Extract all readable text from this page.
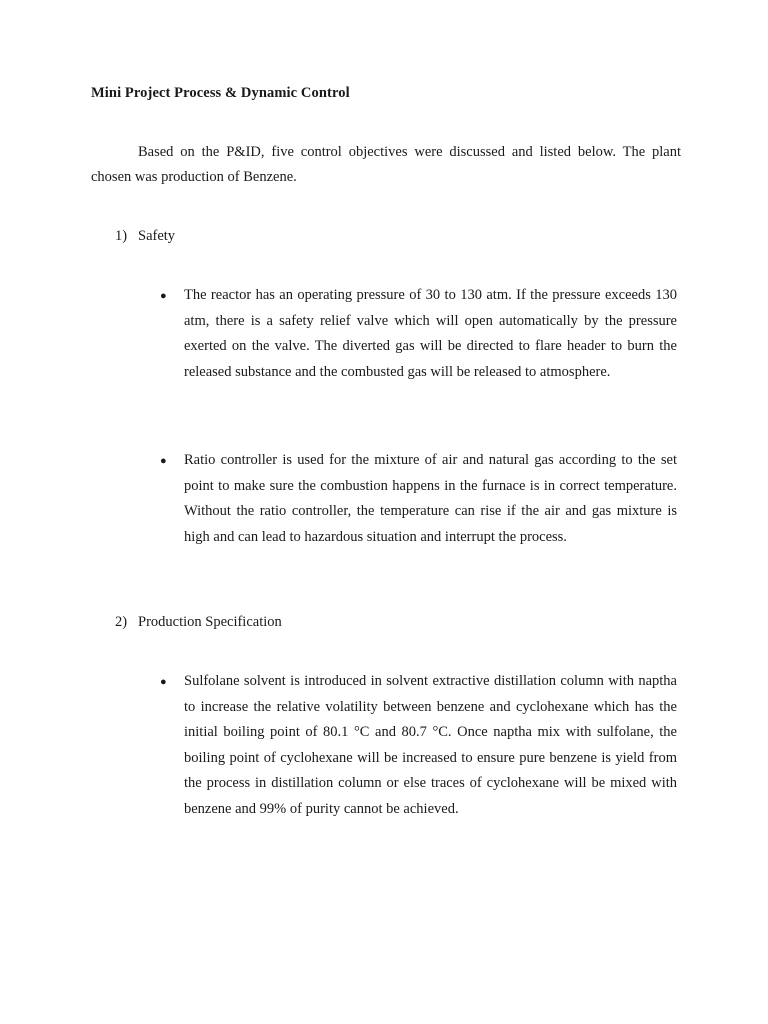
Mini Project Process & Dynamic Control

Based on the P&ID, five control objectives were discussed and listed below. The plant chosen was production of Benzene.

1) Safety
●	The reactor has an operating pressure of 30 to 130 atm. If the pressure exceeds 130 atm, there is a safety relief valve which will open automatically by the pressure exerted on the valve. The diverted gas will be directed to flare header to burn the released substance and the combusted gas will be released to atmosphere.

●	Ratio controller is used for the mixture of air and natural gas according to the set point to make sure the combustion happens in the furnace is in correct temperature. Without the ratio controller, the temperature can rise if the air and gas mixture is high and can lead to hazardous situation and interrupt the process.

2) Production Specification
●	Sulfolane solvent is introduced in solvent extractive distillation column with naptha to increase the relative volatility between benzene and cyclohexane which has the initial boiling point of 80.1 °C and 80.7 °C. Once naptha mix with sulfolane, the boiling point of cyclohexane will be increased to ensure pure benzene is yield from the process in distillation column or else traces of cyclohexane will be mixed with benzene and 99% of purity cannot be achieved.
